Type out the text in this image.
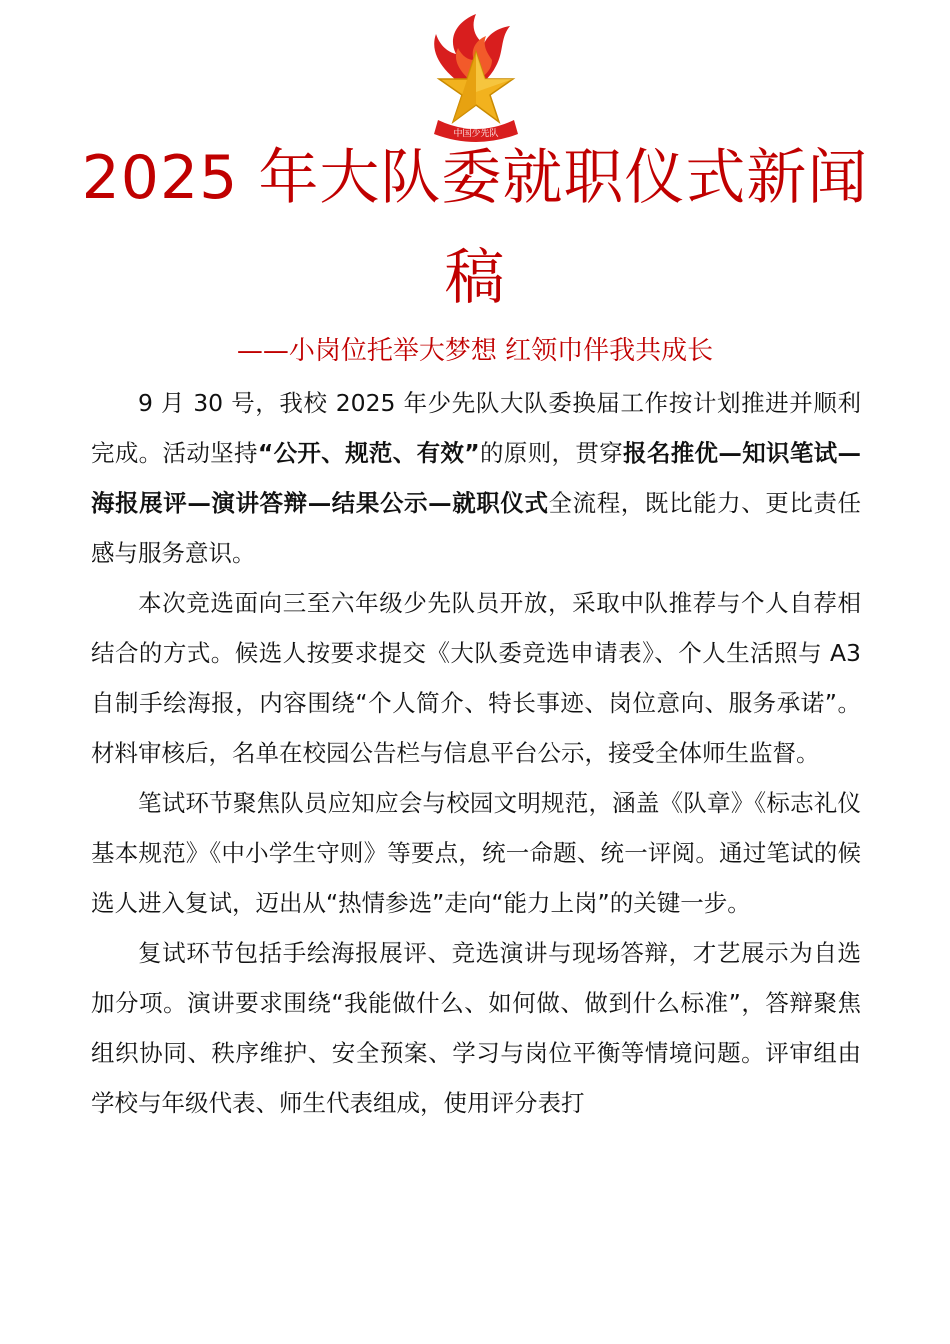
中国少先队
2025 年大队委就职仪式新闻
稿

——小岗位托举大梦想 红领巾伴我共成长

9 月 30 号，我校 2025 年少先队大队委换届工作按计划推进并顺利完成。活动坚持“公开、规范、有效”的原则，贯穿报名推优—知识笔试—海报展评—演讲答辩—结果公示—就职仪式全流程，既比能力、更比责任感与服务意识。

本次竞选面向三至六年级少先队员开放，采取中队推荐与个人自荐相结合的方式。候选人按要求提交《大队委竞选申请表》、个人生活照与 A3 自制手绘海报，内容围绕“个人简介、特长事迹、岗位意向、服务承诺”。材料审核后，名单在校园公告栏与信息平台公示，接受全体师生监督。

笔试环节聚焦队员应知应会与校园文明规范，涵盖《队章》《标志礼仪基本规范》《中小学生守则》等要点，统一命题、统一评阅。通过笔试的候选人进入复试，迈出从“热情参选”走向“能力上岗”的关键一步。

复试环节包括手绘海报展评、竞选演讲与现场答辩，才艺展示为自选加分项。演讲要求围绕“我能做什么、如何做、做到什么标准”，答辩聚焦组织协同、秩序维护、安全预案、学习与岗位平衡等情境问题。评审组由学校与年级代表、师生代表组成，使用评分表打
